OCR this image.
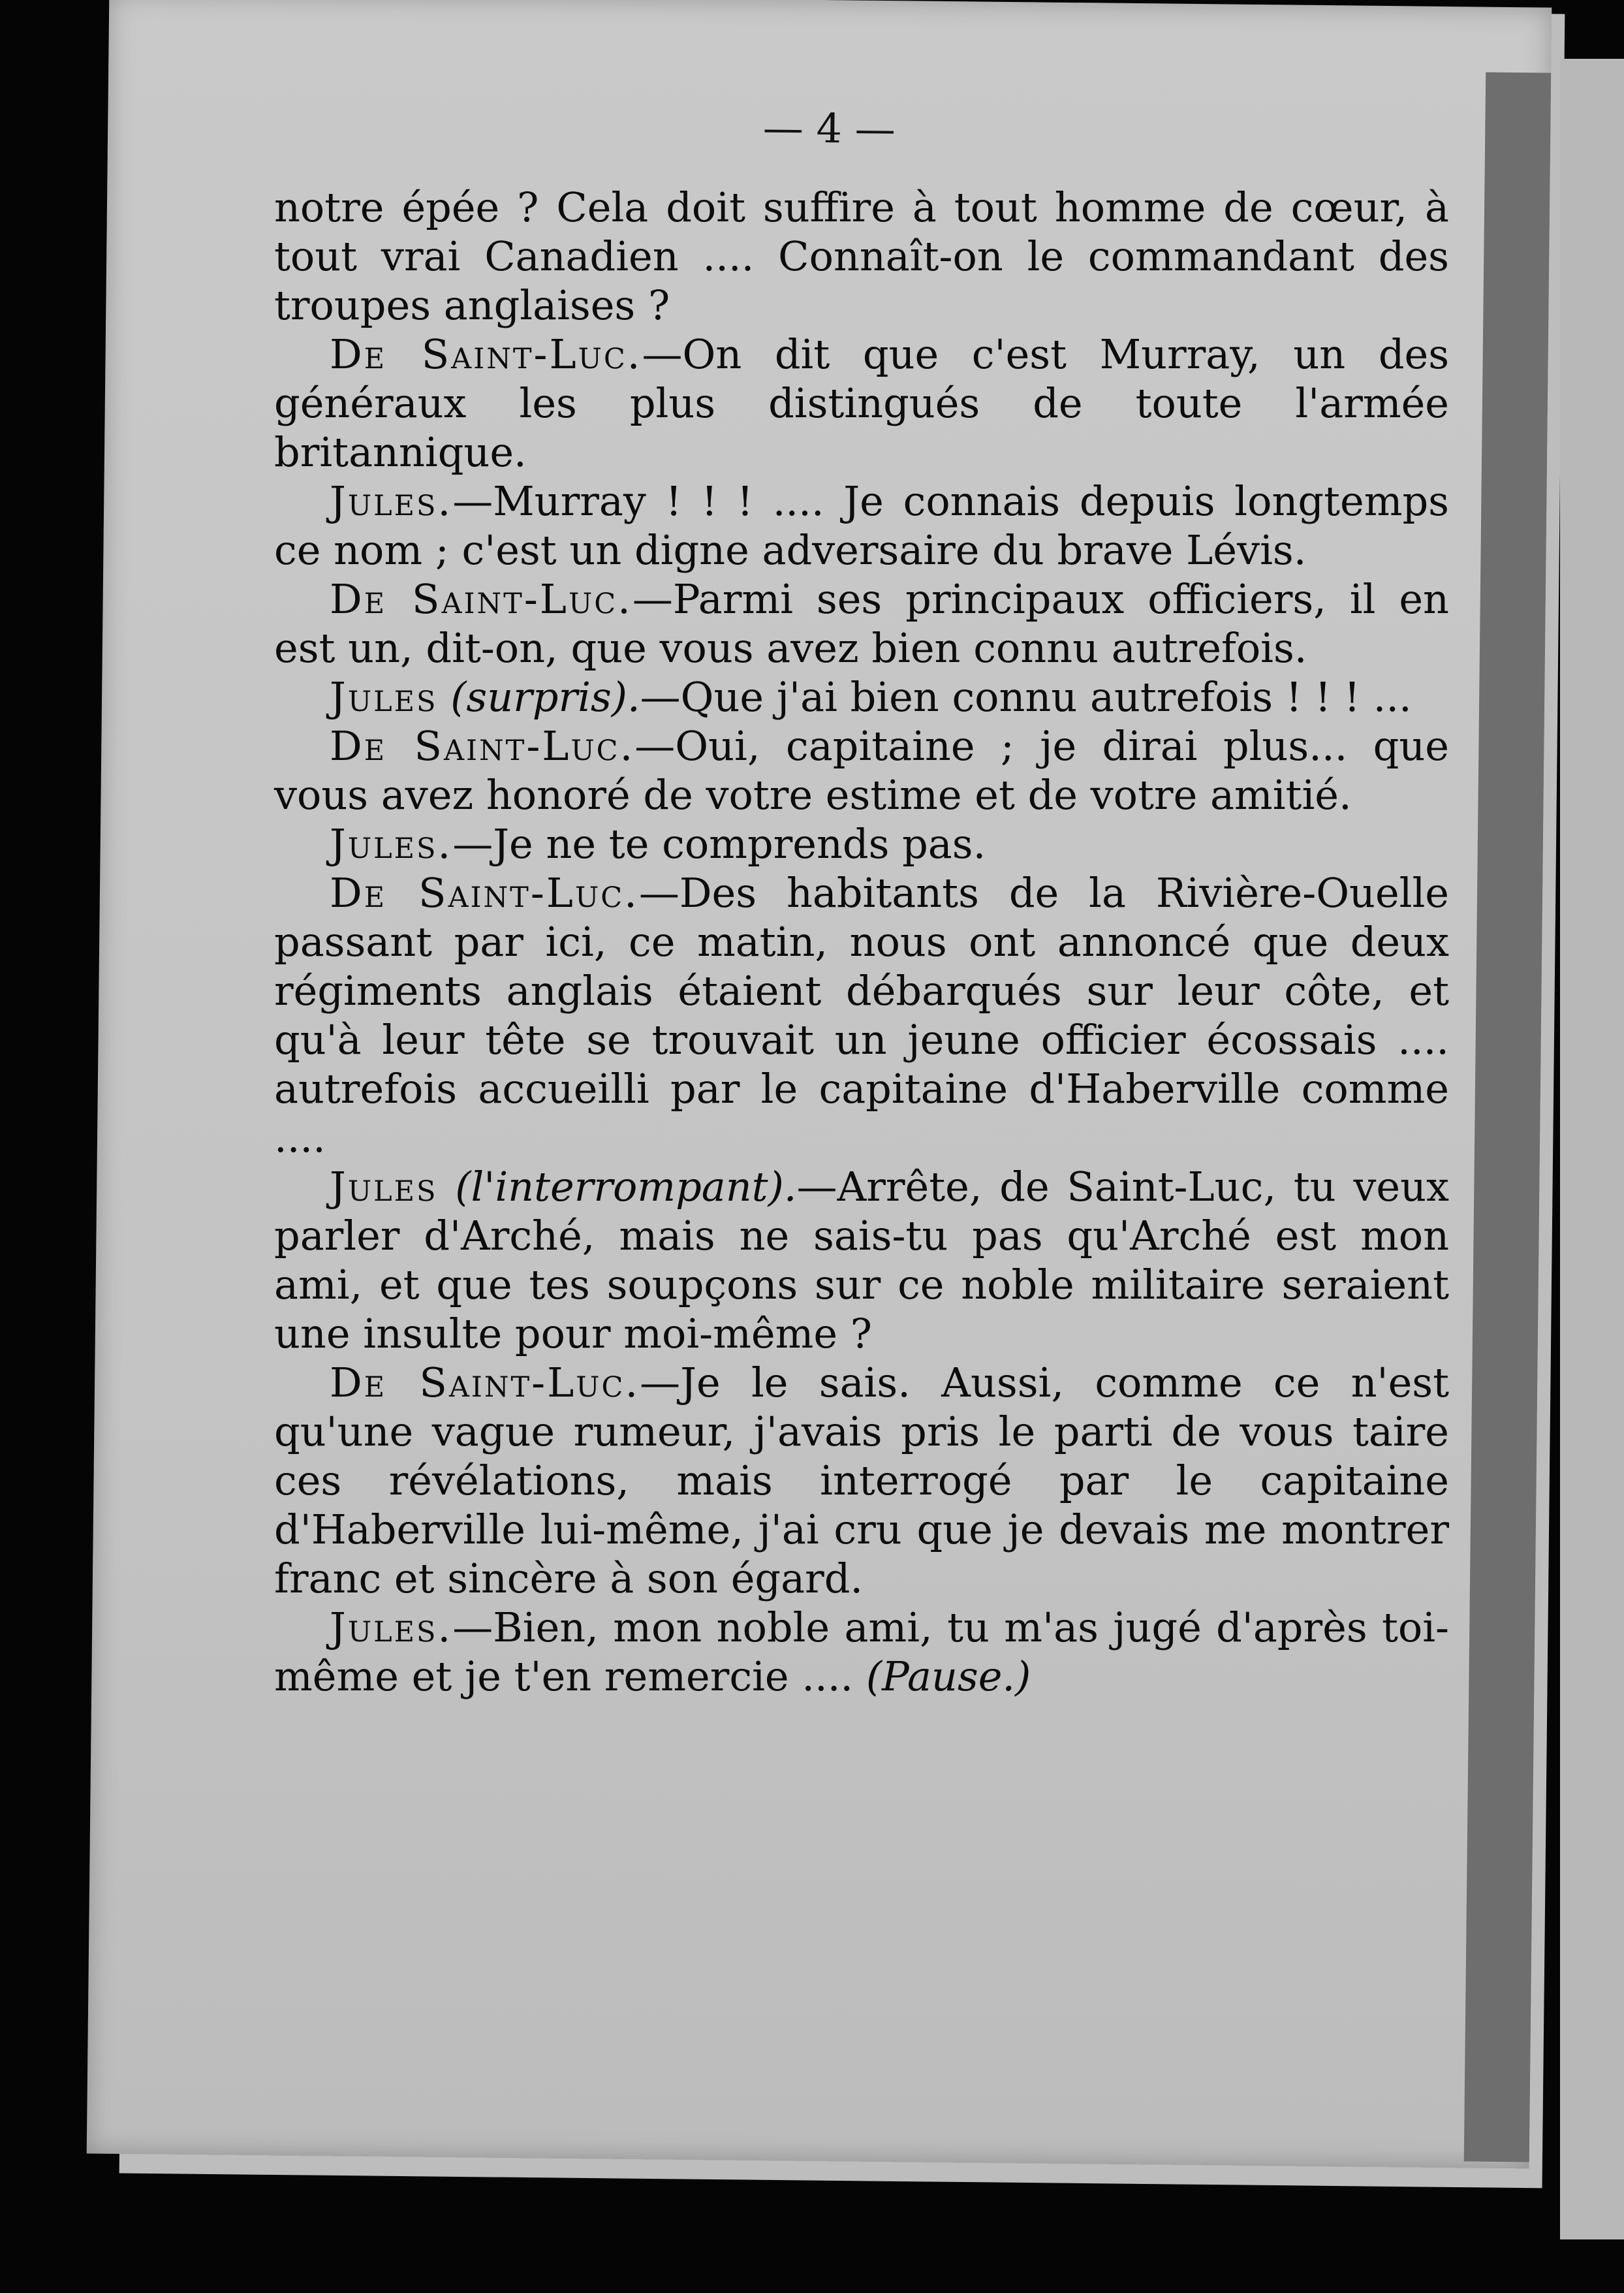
— 4 —
notre épée ? Cela doit suffire à tout homme de cœur, à tout vrai Canadien .... Connaît-on le commandant des troupes anglaises ?
De Saint-Luc.—On dit que c'est Murray, un des généraux les plus distingués de toute l'armée britannique.
Jules.—Murray ! ! ! .... Je connais depuis longtemps ce nom ; c'est un digne adversaire du brave Lévis.
De Saint-Luc.—Parmi ses principaux officiers, il en est un, dit-on, que vous avez bien connu autrefois.
Jules (surpris).—Que j'ai bien connu autrefois ! ! ! ...
De Saint-Luc.—Oui, capitaine ; je dirai plus... que vous avez honoré de votre estime et de votre amitié.
Jules.—Je ne te comprends pas.
De Saint-Luc.—Des habitants de la Rivière-Ouelle passant par ici, ce matin, nous ont annoncé que deux régiments anglais étaient débarqués sur leur côte, et qu'à leur tête se trouvait un jeune officier écossais .... autrefois accueilli par le capitaine d'Haberville comme ....
Jules (l'interrompant).—Arrête, de Saint-Luc, tu veux parler d'Arché, mais ne sais-tu pas qu'Arché est mon ami, et que tes soupçons sur ce noble militaire seraient une insulte pour moi-même ?
De Saint-Luc.—Je le sais. Aussi, comme ce n'est qu'une vague rumeur, j'avais pris le parti de vous taire ces révélations, mais interrogé par le capitaine d'Haberville lui-même, j'ai cru que je devais me montrer franc et sincère à son égard.
Jules.—Bien, mon noble ami, tu m'as jugé d'après toi-même et je t'en remercie .... (Pause.)
